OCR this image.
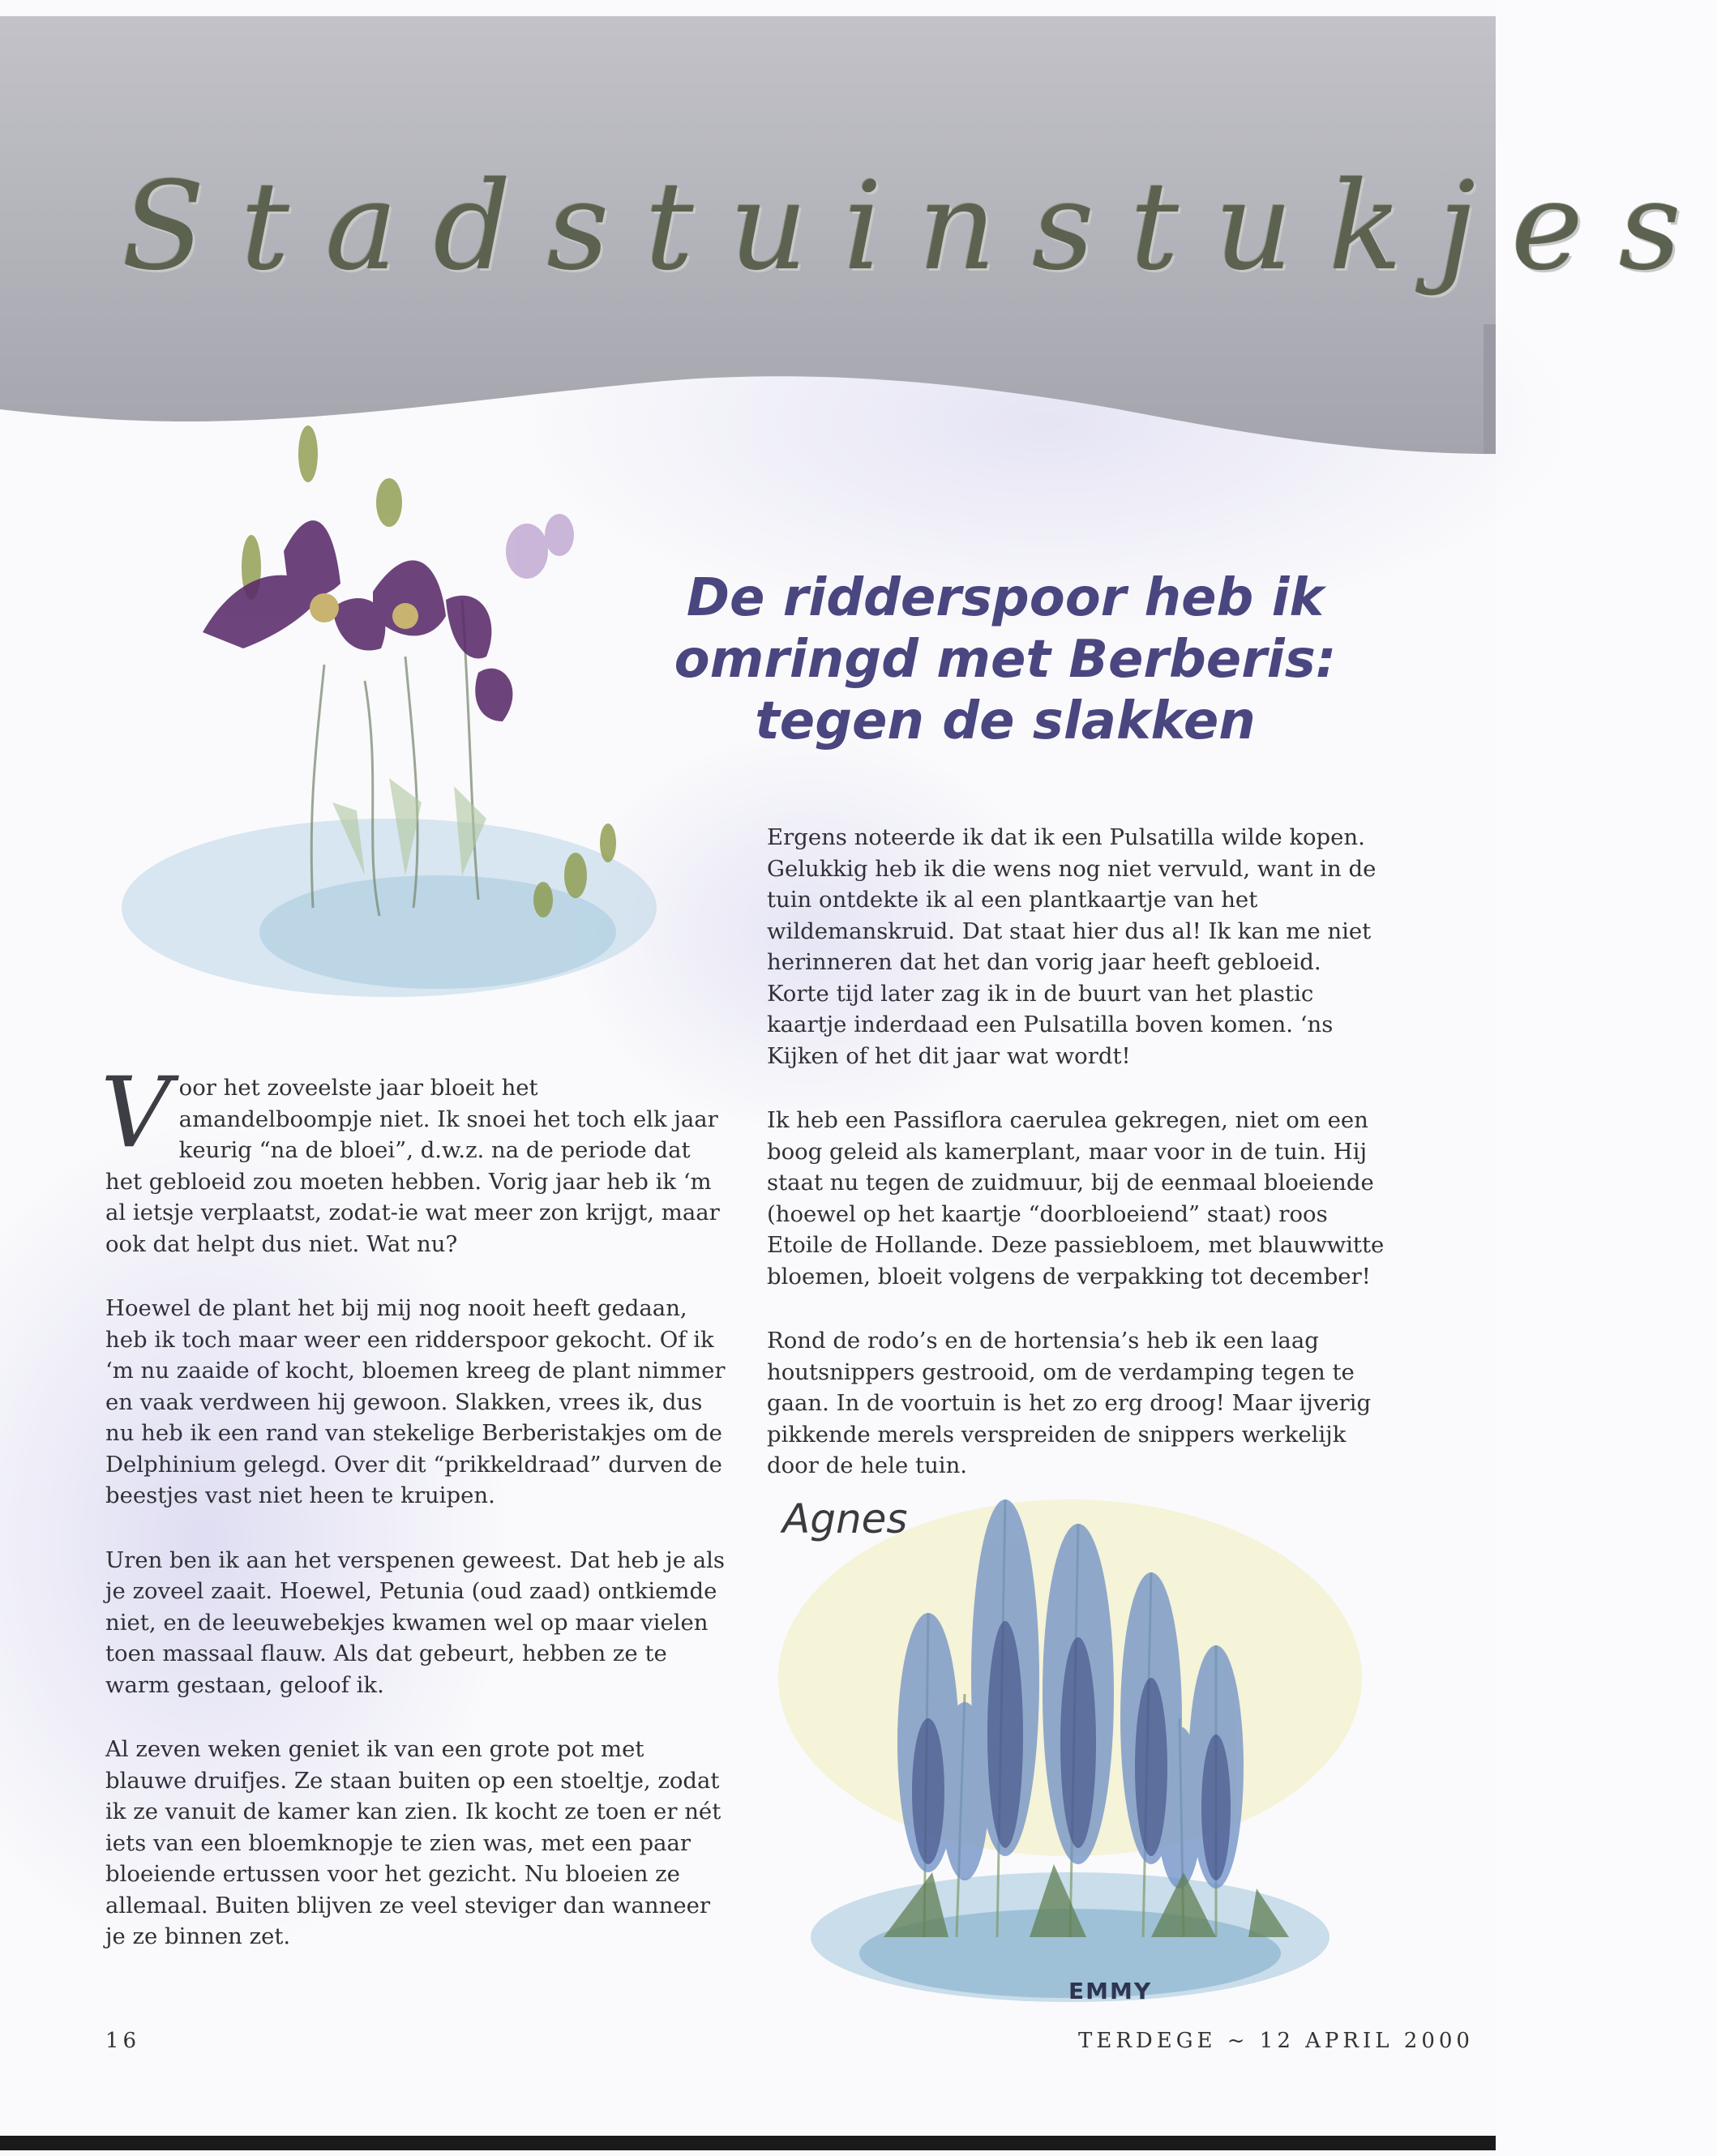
Stadstuinstukjes
De ridderspoor heb ik
omringd met Berberis:
tegen de slakken

Ergens noteerde ik dat ik een Pulsatilla wilde kopen. Gelukkig heb ik die wens nog niet vervuld, want in de tuin ontdekte ik al een plantkaartje van het wildemanskruid. Dat staat hier dus al! Ik kan me niet herinneren dat het dan vorig jaar heeft gebloeid. Korte tijd later zag ik in de buurt van het plastic kaartje inderdaad een Pulsatilla boven komen. ‘ns Kijken of het dit jaar wat wordt!

Ik heb een Passiflora caerulea gekregen, niet om een boog geleid als kamerplant, maar voor in de tuin. Hij staat nu tegen de zuidmuur, bij de eenmaal bloeiende (hoewel op het kaartje “doorbloeiend” staat) roos Etoile de Hollande. Deze passiebloem, met blauwwitte bloemen, bloeit volgens de verpakking tot december!

Rond de rodo’s en de hortensia’s heb ik een laag houtsnippers gestrooid, om de verdamping tegen te gaan. In de voortuin is het zo erg droog! Maar ijverig pikkende merels verspreiden de snippers werkelijk door de hele tuin.

Agnes

Voor het zoveelste jaar bloeit het amandelboompje niet. Ik snoei het toch elk jaar keurig “na de bloei”, d.w.z. na de periode dat het gebloeid zou moeten hebben. Vorig jaar heb ik ‘m al ietsje verplaatst, zodat-ie wat meer zon krijgt, maar ook dat helpt dus niet. Wat nu?

Hoewel de plant het bij mij nog nooit heeft gedaan, heb ik toch maar weer een ridderspoor gekocht. Of ik ‘m nu zaaide of kocht, bloemen kreeg de plant nimmer en vaak verdween hij gewoon. Slakken, vrees ik, dus nu heb ik een rand van stekelige Berberistakjes om de Delphinium gelegd. Over dit “prikkeldraad” durven de beestjes vast niet heen te kruipen.

Uren ben ik aan het verspenen geweest. Dat heb je als je zoveel zaait. Hoewel, Petunia (oud zaad) ontkiemde niet, en de leeuwebekjes kwamen wel op maar vielen toen massaal flauw. Als dat gebeurt, hebben ze te warm gestaan, geloof ik.

Al zeven weken geniet ik van een grote pot met blauwe druifjes. Ze staan buiten op een stoeltje, zodat ik ze vanuit de kamer kan zien. Ik kocht ze toen er nét iets van een bloemknopje te zien was, met een paar bloeiende ertussen voor het gezicht. Nu bloeien ze allemaal. Buiten blijven ze veel steviger dan wanneer je ze binnen zet.

EMMY
16	TERDEGE ~ 12 APRIL 2000
